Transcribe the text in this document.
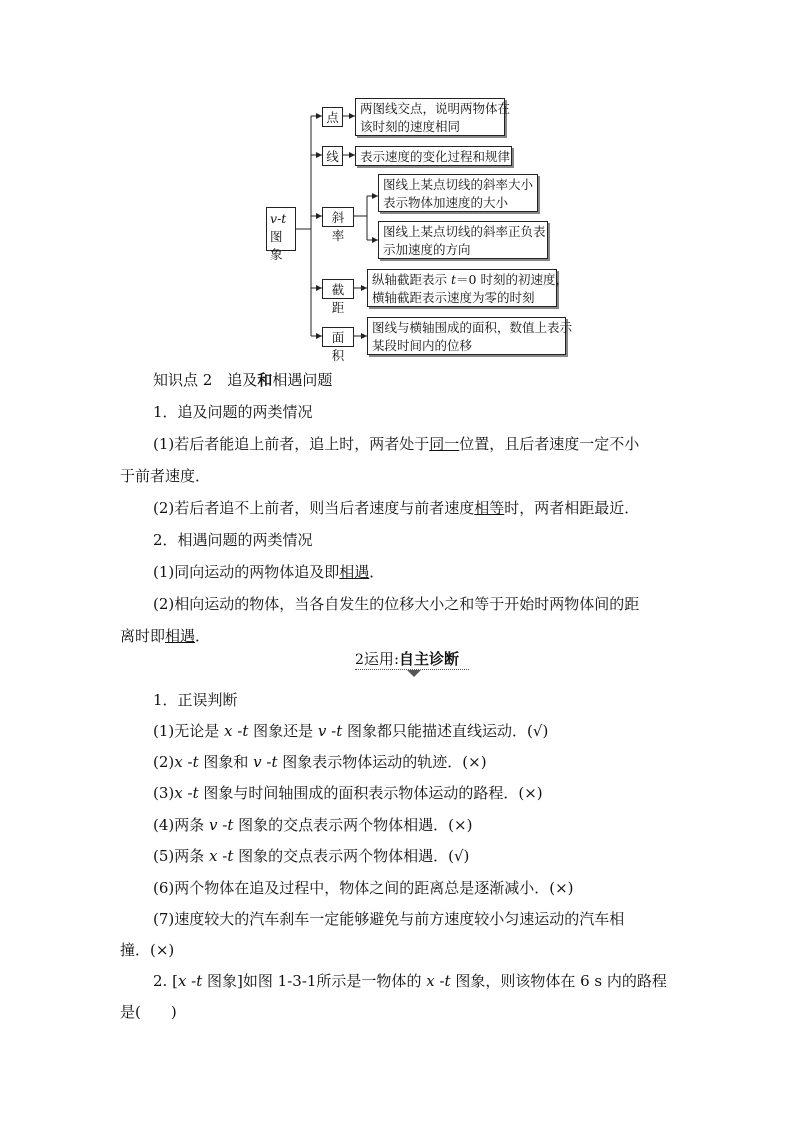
v-t
图象
点
线
斜率
截距
面积
两图线交点，说明两物体在
该时刻的速度相同
表示速度的变化过程和规律
图线上某点切线的斜率大小
表示物体加速度的大小
图线上某点切线的斜率正负表
示加速度的方向
纵轴截距表示 t＝0 时刻的初速度，
横轴截距表示速度为零的时刻
图线与横轴围成的面积，数值上表示
某段时间内的位移
知识点 2　追及和相遇问题
1．追及问题的两类情况
(1)若后者能追上前者，追上时，两者处于同一位置，且后者速度一定不小
于前者速度．
(2)若后者追不上前者，则当后者速度与前者速度相等时，两者相距最近．
2．相遇问题的两类情况
(1)同向运动的两物体追及即相遇．
(2)相向运动的物体，当各自发生的位移大小之和等于开始时两物体间的距
离时即相遇．
2运用:自主诊断
1．正误判断
(1)无论是 x -t 图象还是 v -t 图象都只能描述直线运动．(√)
(2)x -t 图象和 v -t 图象表示物体运动的轨迹．(×)
(3)x -t 图象与时间轴围成的面积表示物体运动的路程．(×)
(4)两条 v -t 图象的交点表示两个物体相遇．(×)
(5)两条 x -t 图象的交点表示两个物体相遇．(√)
(6)两个物体在追及过程中，物体之间的距离总是逐渐减小．(×)
(7)速度较大的汽车刹车一定能够避免与前方速度较小匀速运动的汽车相
撞．(×)
2. [x -t 图象]如图 1-3-1所示是一物体的 x -t 图象，则该物体在 6 s 内的路程
是(　　)
